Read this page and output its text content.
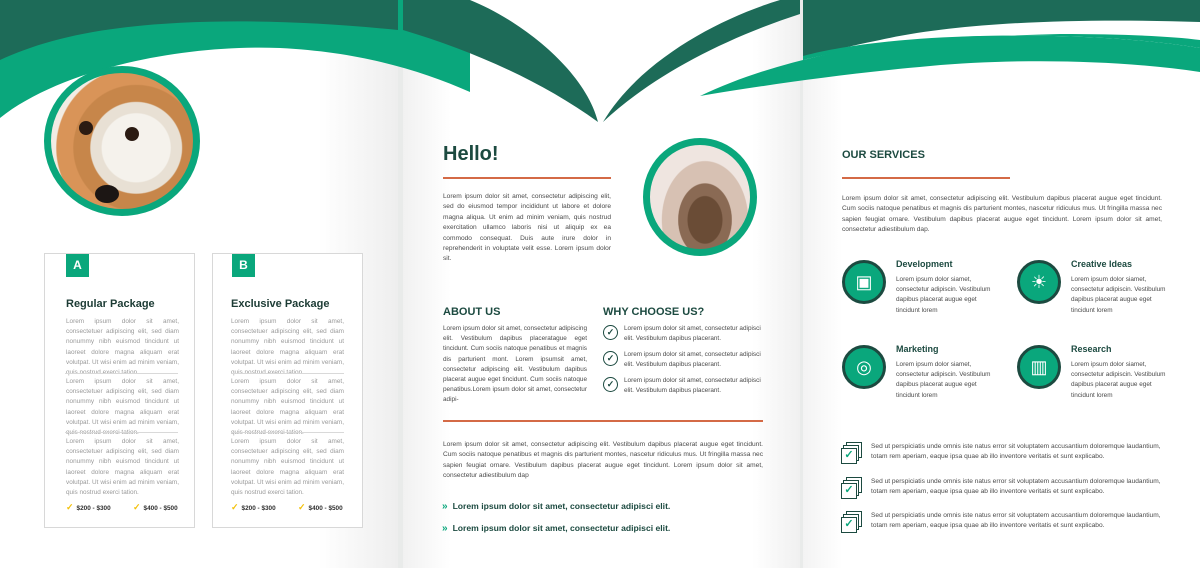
A
Regular Package
Lorem ipsum dolor sit amet, consectetuer adipiscing elit, sed diam nonummy nibh euismod tincidunt ut laoreet dolore magna aliquam erat volutpat. Ut wisi enim ad minim veniam,
Lorem ipsum dolor sit amet, consectetuer adipiscing elit, sed diam nonummy nibh euismod tincidunt ut laoreet dolore magna aliquam erat volutpat. Ut wisi enim ad minim veniam,
Lorem ipsum dolor sit amet, consectetuer adipiscing elit, sed diam nonummy nibh euismod tincidunt ut laoreet dolore magna aliquam erat volutpat. Ut wisi enim ad minim veniam, quis nostrud exerci tation.
✓ $200 - $300 ✓ $400 - $500
B
Exclusive Package
Lorem ipsum dolor sit amet, consectetuer adipiscing elit, sed diam nonummy nibh euismod tincidunt ut laoreet dolore magna aliquam erat volutpat. Ut wisi enim ad minim veniam,
Lorem ipsum dolor sit amet, consectetuer adipiscing elit, sed diam nonummy nibh euismod tincidunt ut laoreet dolore magna aliquam erat volutpat. Ut wisi enim ad minim veniam,
Lorem ipsum dolor sit amet, consectetuer adipiscing elit, sed diam nonummy nibh euismod tincidunt ut laoreet dolore magna aliquam erat volutpat. Ut wisi enim ad minim veniam, quis nostrud exerci tation.
✓ $200 - $300 ✓ $400 - $500
Hello!
Lorem ipsum dolor sit amet, consectetur adipiscing elit, sed do eiusmod tempor incididunt ut labore et dolore magna aliqua. Ut enim ad minim veniam, quis nostrud exercitation ullamco laboris nisi ut aliquip ex ea commodo consequat. Duis aute irure dolor in reprehenderit in voluptate velit esse. Lorem ipsum dolor sit.
ABOUT US
Lorem ipsum dolor sit amet, consectetur adipiscing elit. Vestibulum dapibus placeratague eget tincidunt. Cum sociis natoque penatibus et magnis dis parturient mont. Lorem ipsumsit amet, consectetur adipiscing elit. Vestibulum dapibus placerat augue eget tincidunt. Cum sociis natoque penatibus.Lorem ipsum dolor sit amet, consectetur adipi-
WHY CHOOSE US?
✓	Lorem ipsum dolor sit amet, consectetur adipisci elit. Vestibulum dapibus placerant.
✓	Lorem ipsum dolor sit amet, consectetur adipisci elit. Vestibulum dapibus placerant.
✓	Lorem ipsum dolor sit amet, consectetur adipisci elit. Vestibulum dapibus placerant.
Lorem ipsum dolor sit amet, consectetur adipiscing elit. Vestibulum dapibus placerat augue eget tincidunt. Cum sociis natoque penatibus et magnis dis parturient montes, nascetur ridiculus mus. Ut fringilla massa nec sapien feugiat ornare. Vestibulum dapibus placerat augue eget tincidunt. Lorem ipsum dolor sit amet, consectetur adiestibulum dap
» Lorem ipsum dolor sit amet, consectetur adipisci elit.
» Lorem ipsum dolor sit amet, consectetur adipisci elit.
OUR SERVICES
Lorem ipsum dolor sit amet, consectetur adipiscing elit. Vestibulum dapibus placerat augue eget tincidunt. Cum sociis natoque penatibus et magnis dis parturient montes, nascetur ridiculus mus. Ut fringilla massa nec sapien feugiat ornare. Vestibulum dapibus placerat augue eget tincidunt. Lorem ipsum dolor sit amet, consectetur adiestibulum dap.
▣
Development
Lorem ipsum dolor siamet, consectetur adipiscin. Vestibulum dapibus placerat augue eget tincidunt lorem
☀
Creative Ideas
Lorem ipsum dolor siamet, consectetur adipiscin. Vestibulum dapibus placerat augue eget tincidunt lorem
◎
Marketing
Lorem ipsum dolor siamet, consectetur adipiscin. Vestibulum dapibus placerat augue eget tincidunt lorem
▥
Research
Lorem ipsum dolor siamet, consectetur adipiscin. Vestibulum dapibus placerat augue eget tincidunt lorem
✓
Sed ut perspiciatis unde omnis iste natus error sit voluptatem accusantium doloremque laudantium, totam rem aperiam, eaque ipsa quae ab illo inventore veritatis et sunt explicabo.
✓
Sed ut perspiciatis unde omnis iste natus error sit voluptatem accusantium doloremque laudantium, totam rem aperiam, eaque ipsa quae ab illo inventore veritatis et sunt explicabo.
✓
Sed ut perspiciatis unde omnis iste natus error sit voluptatem accusantium doloremque laudantium, totam rem aperiam, eaque ipsa quae ab illo inventore veritatis et sunt explicabo.
